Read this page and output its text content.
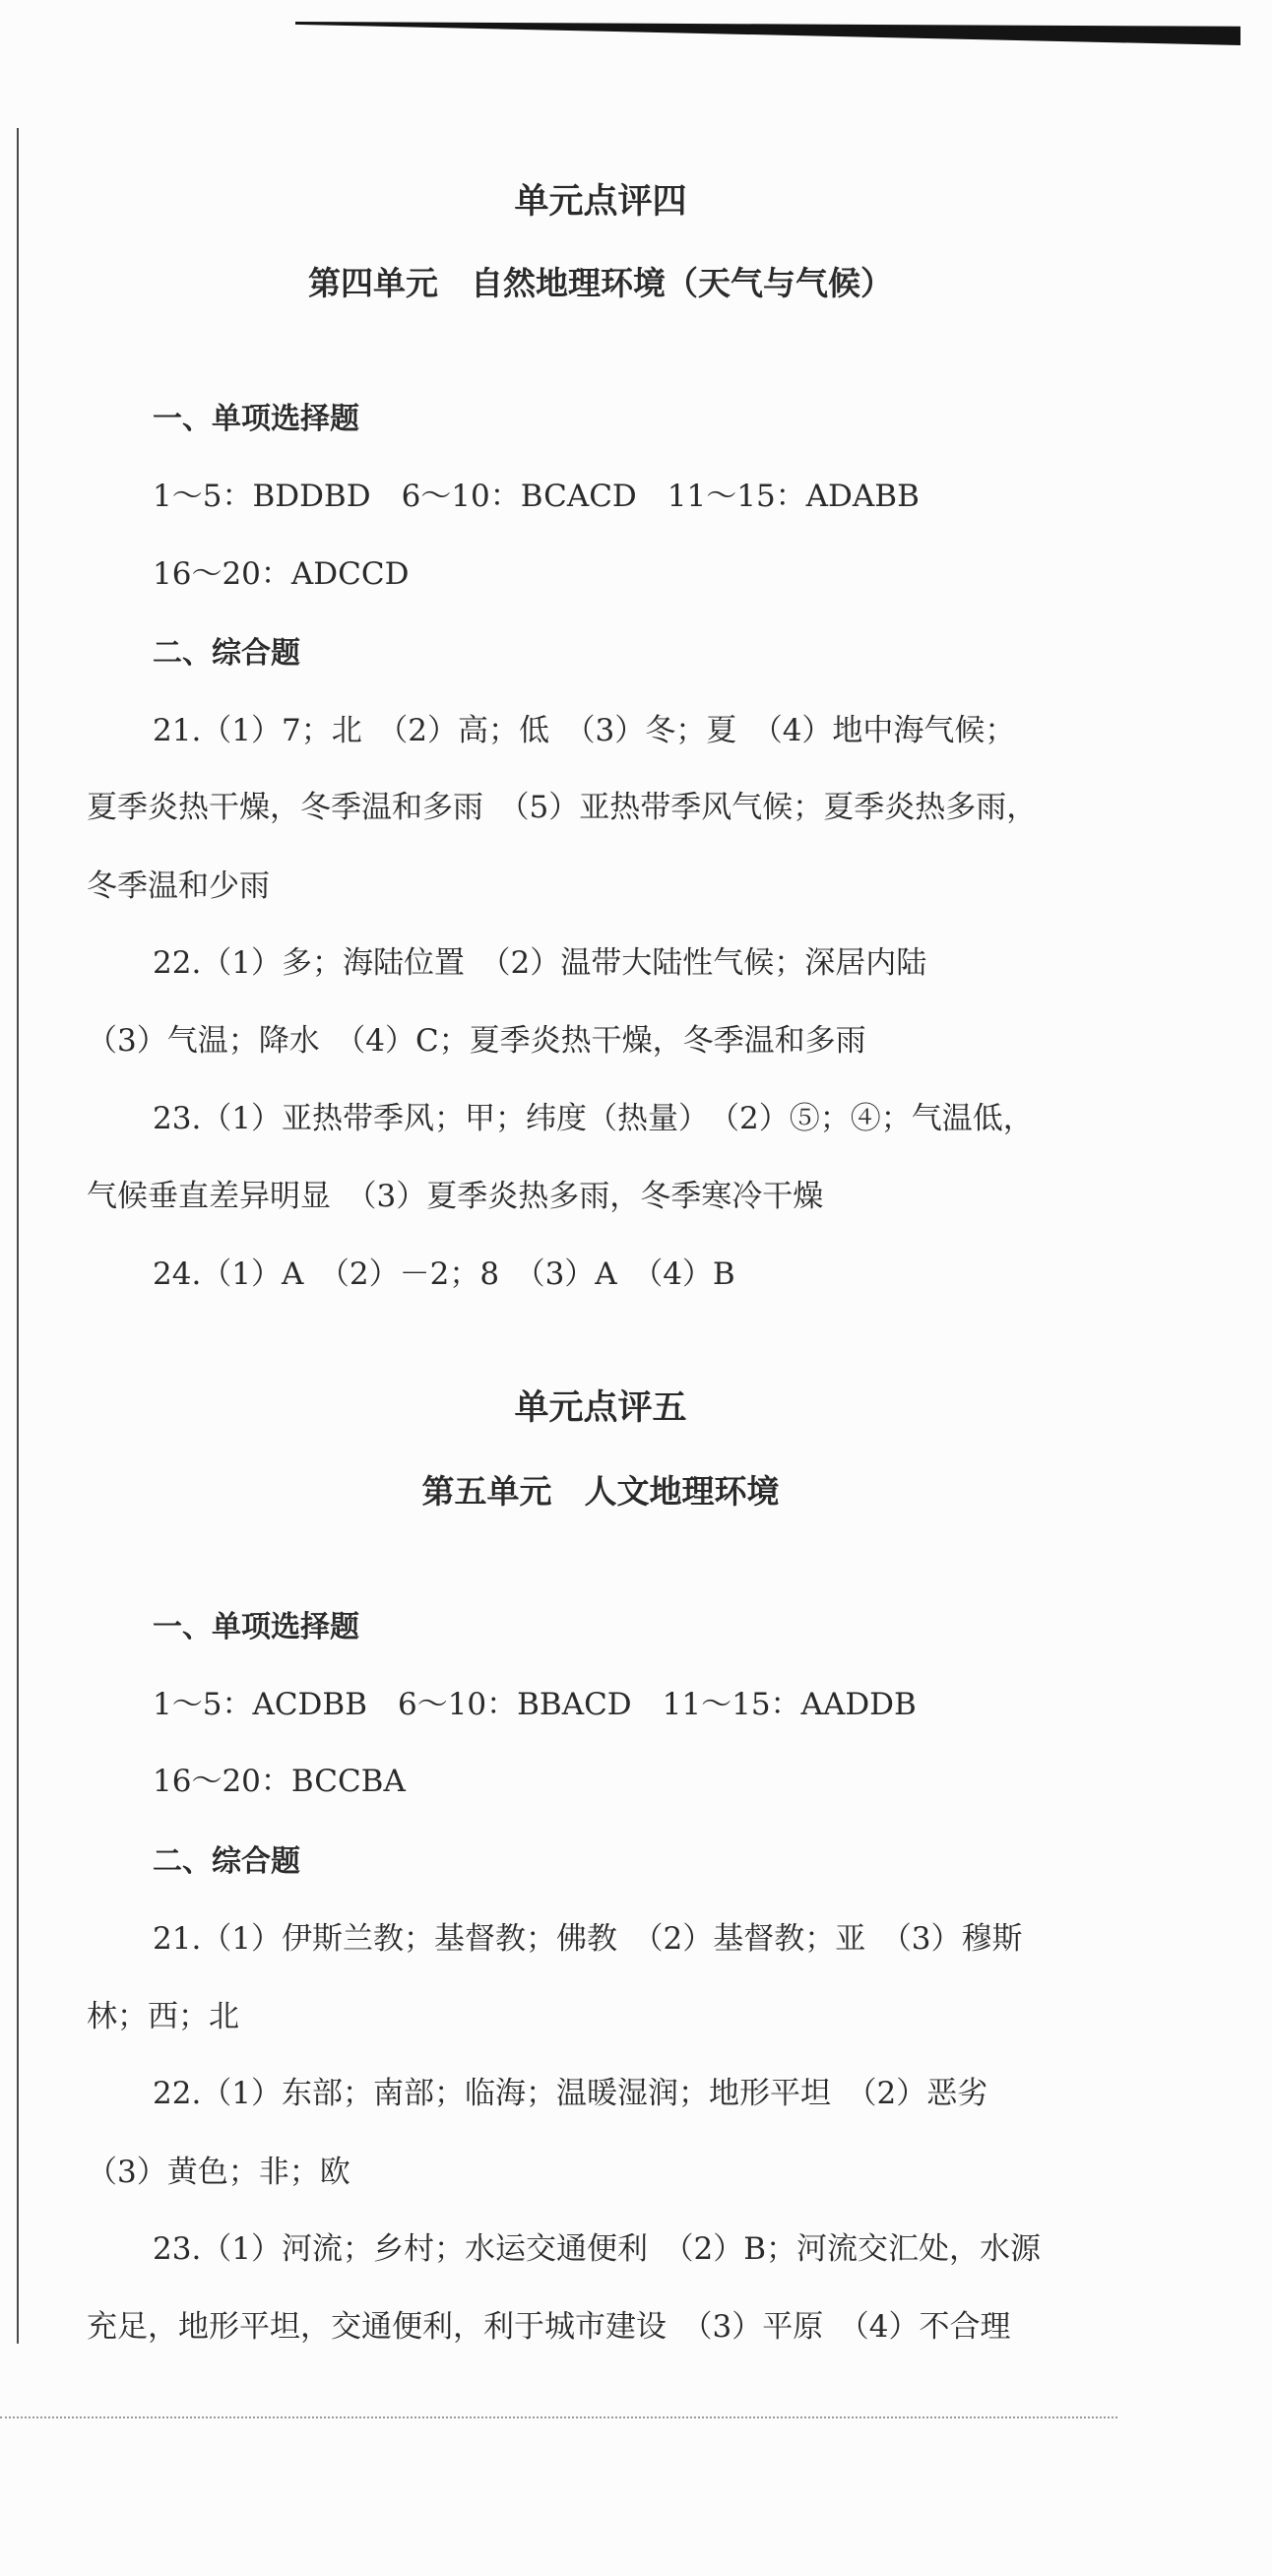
单元点评四
第四单元　自然地理环境（天气与气候）
一、单项选择题
1～5：BDDBD　6～10：BCACD　11～15：ADABB
16～20：ADCCD
二、综合题
21.（1）7；北　（2）高；低　（3）冬；夏　（4）地中海气候；
夏季炎热干燥，冬季温和多雨　（5）亚热带季风气候；夏季炎热多雨，
冬季温和少雨
22.（1）多；海陆位置　（2）温带大陆性气候；深居内陆
（3）气温；降水　（4）C；夏季炎热干燥，冬季温和多雨
23.（1）亚热带季风；甲；纬度（热量）　（2）⑤；④；气温低，
气候垂直差异明显　（3）夏季炎热多雨，冬季寒冷干燥
24.（1）A　（2）－2；8　（3）A　（4）B
单元点评五
第五单元　人文地理环境
一、单项选择题
1～5：ACDBB　6～10：BBACD　11～15：AADDB
16～20：BCCBA
二、综合题
21.（1）伊斯兰教；基督教；佛教　（2）基督教；亚　（3）穆斯
林；西；北
22.（1）东部；南部；临海；温暖湿润；地形平坦　（2）恶劣
（3）黄色；非；欧
23.（1）河流；乡村；水运交通便利　（2）B；河流交汇处，水源
充足，地形平坦，交通便利，利于城市建设　（3）平原　（4）不合理
